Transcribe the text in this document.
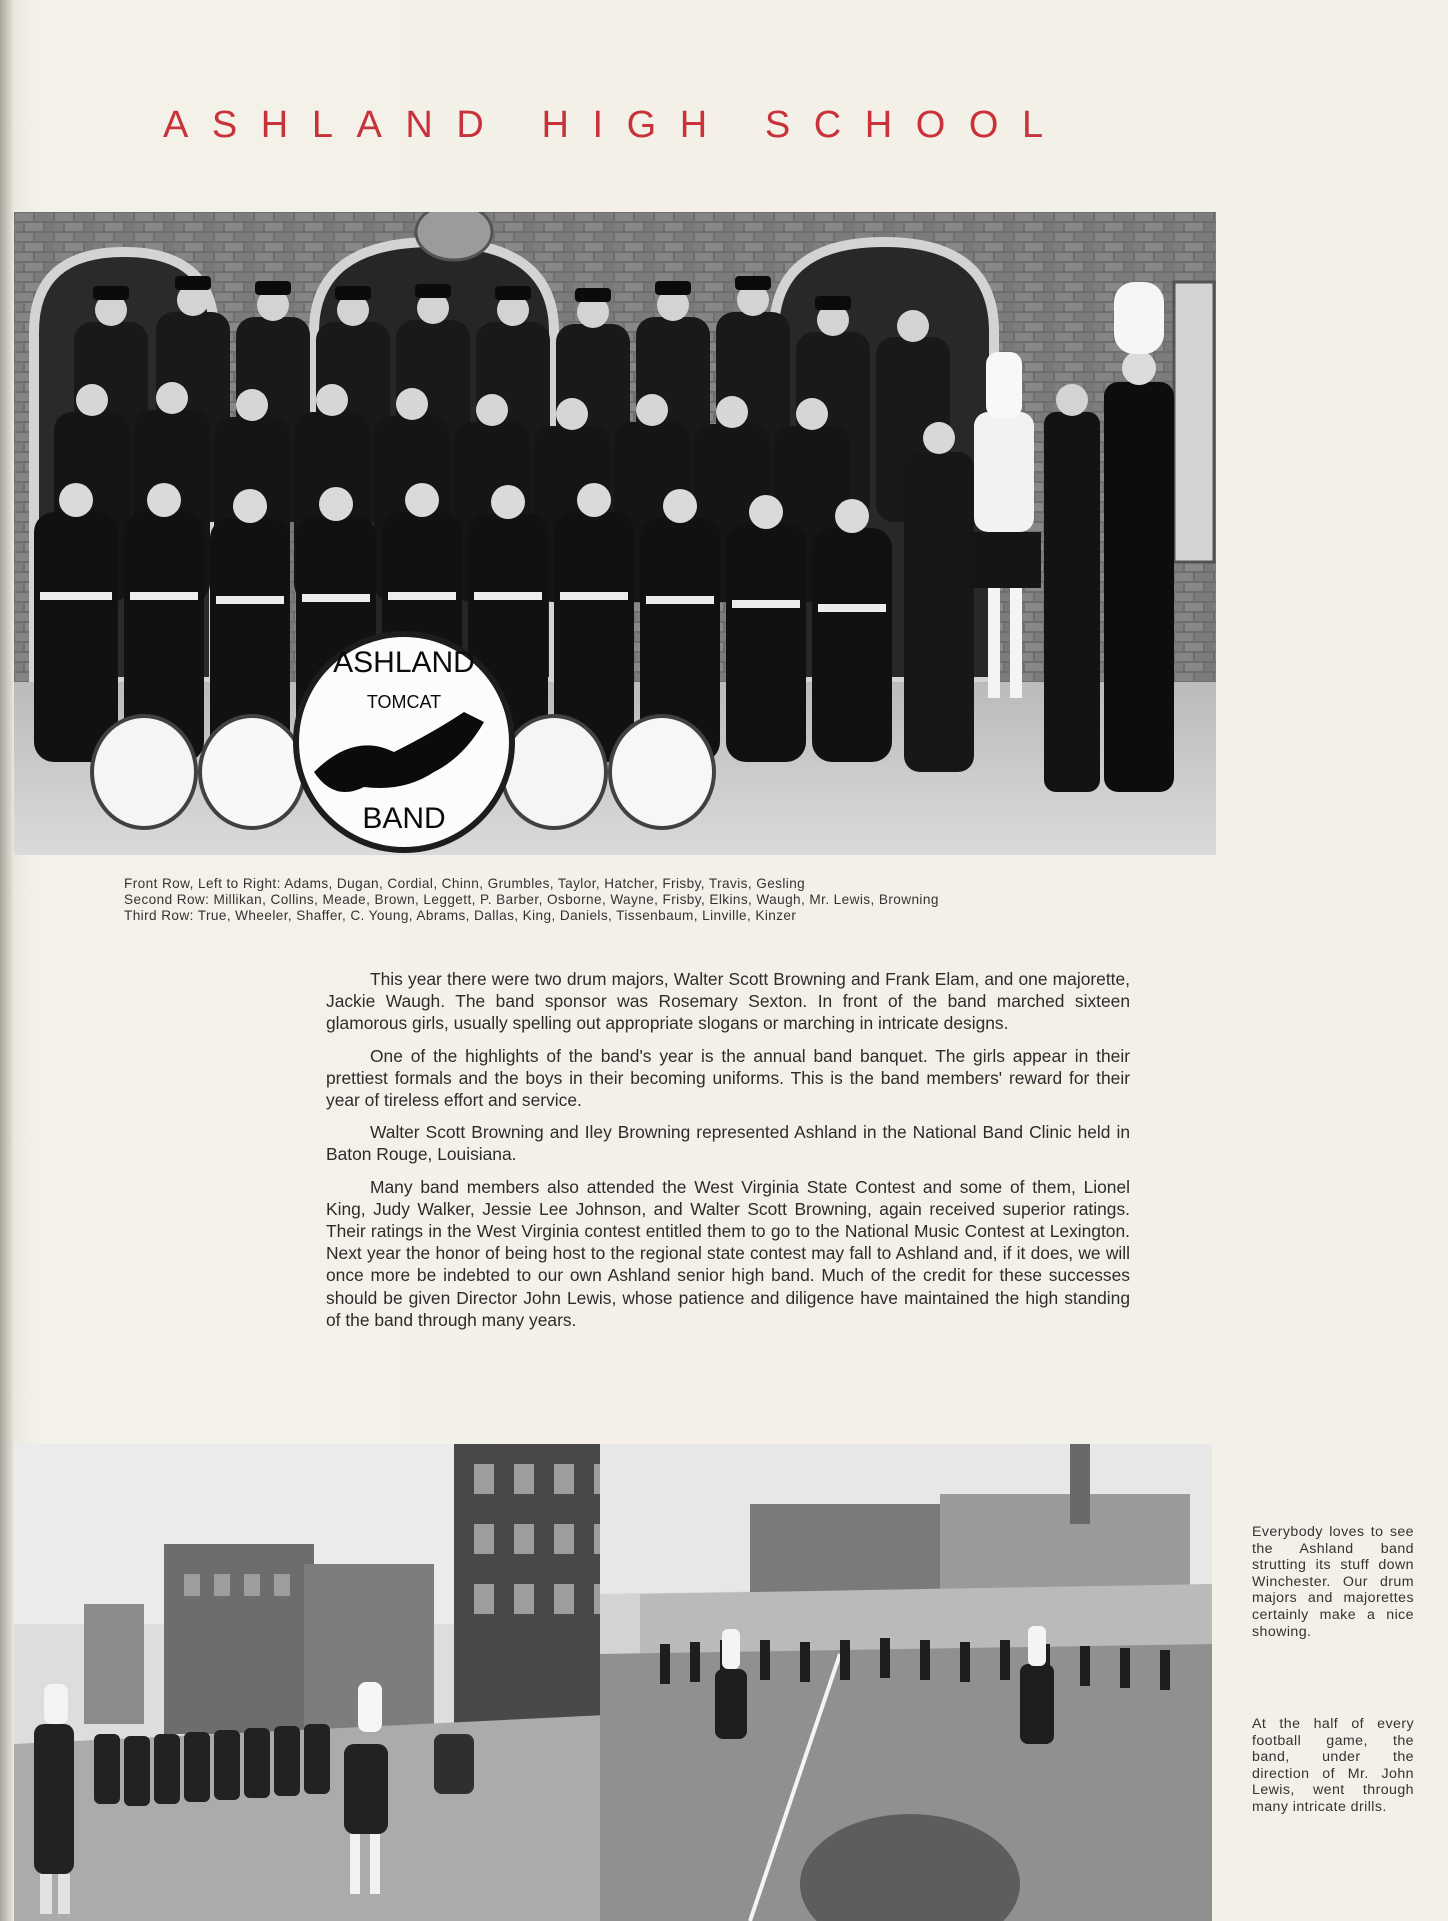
ASHLAND HIGH SCHOOL
ASHLAND
TOMCAT
BAND
Front Row, Left to Right: Adams, Dugan, Cordial, Chinn, Grumbles, Taylor, Hatcher, Frisby, Travis, Gesling
Second Row: Millikan, Collins, Meade, Brown, Leggett, P. Barber, Osborne, Wayne, Frisby, Elkins, Waugh, Mr. Lewis, Browning
Third Row: True, Wheeler, Shaffer, C. Young, Abrams, Dallas, King, Daniels, Tissenbaum, Linville, Kinzer

This year there were two drum majors, Walter Scott Browning and Frank Elam, and one majorette, Jackie Waugh. The band sponsor was Rosemary Sexton. In front of the band marched sixteen glamorous girls, usually spelling out appropriate slogans or marching in intricate designs.

One of the highlights of the band's year is the annual band banquet. The girls appear in their prettiest formals and the boys in their becoming uniforms. This is the band members' reward for their year of tireless effort and service.

Walter Scott Browning and Iley Browning represented Ashland in the National Band Clinic held in Baton Rouge, Louisiana.

Many band members also attended the West Virginia State Contest and some of them, Lionel King, Judy Walker, Jessie Lee Johnson, and Walter Scott Browning, again received superior ratings. Their ratings in the West Virginia contest entitled them to go to the National Music Contest at Lexington. Next year the honor of being host to the regional state contest may fall to Ashland and, if it does, we will once more be indebted to our own Ashland senior high band. Much of the credit for these successes should be given Director John Lewis, whose patience and diligence have maintained the high standing of the band through many years.

Everybody loves to see the Ashland band strutting its stuff down Winchester. Our drum majors and majorettes certainly make a nice showing.
At the half of every football game, the band, under the direction of Mr. John Lewis, went through many intricate drills.
